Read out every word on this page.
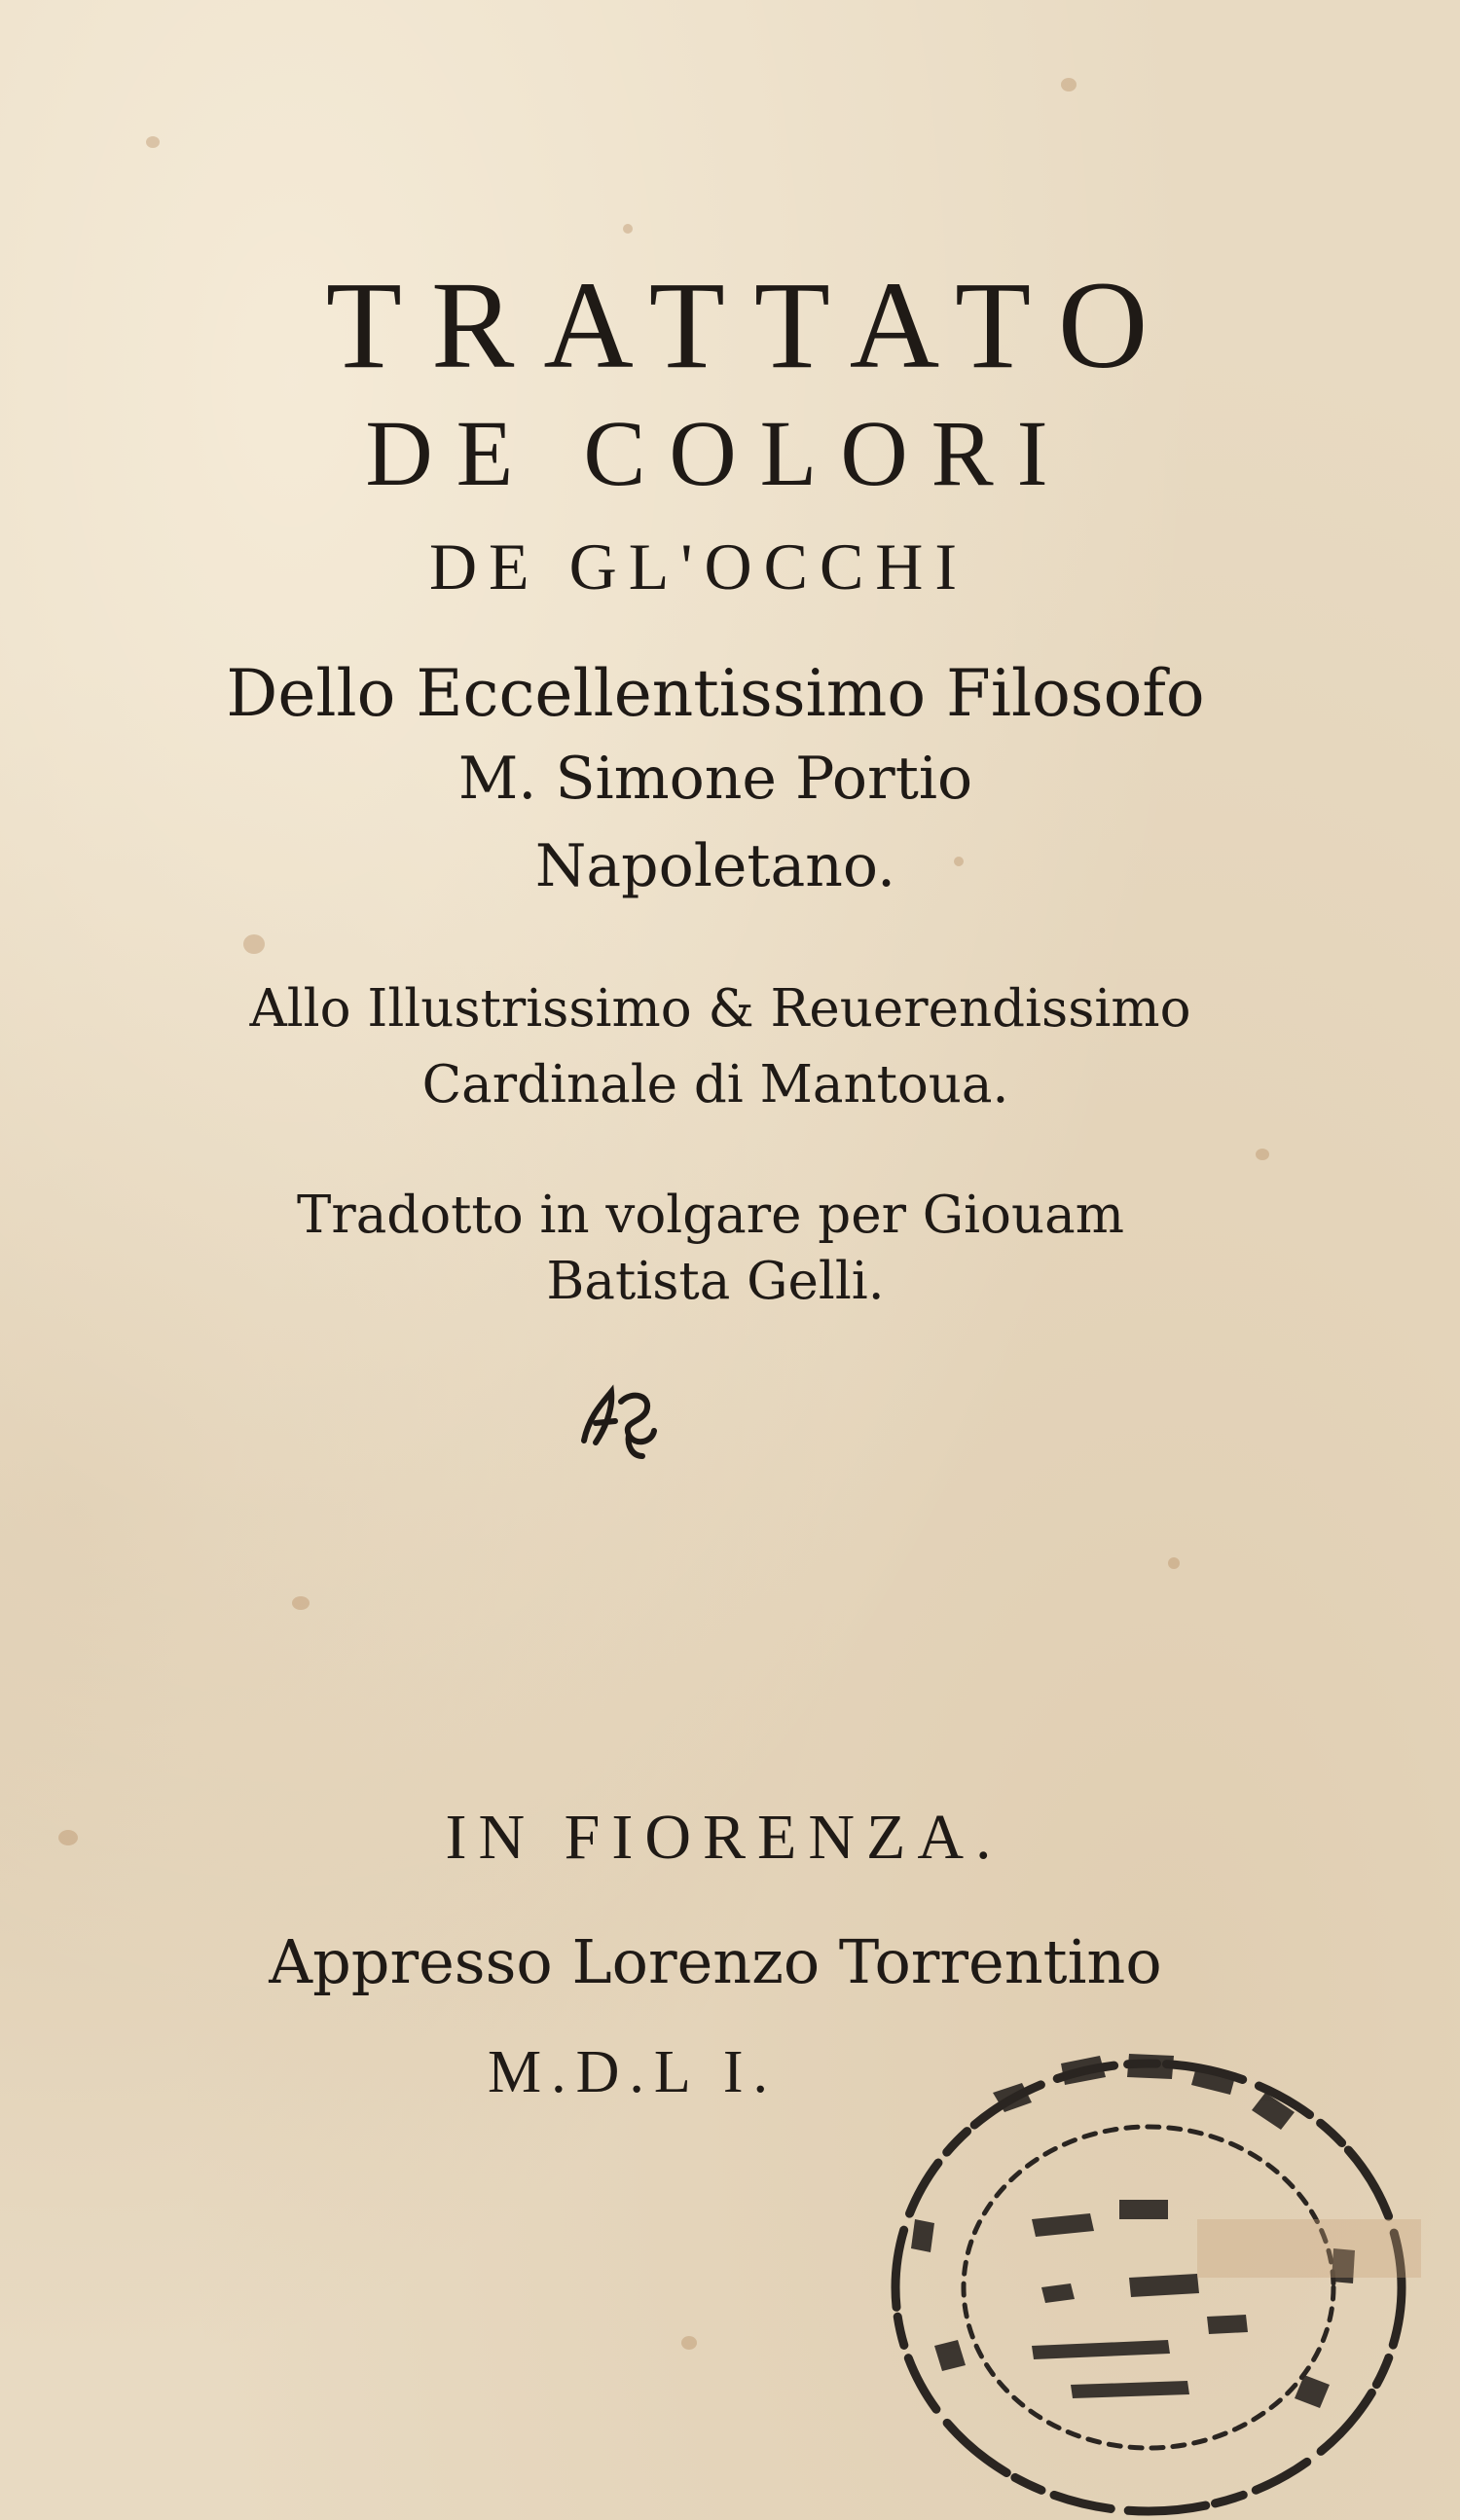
TRATTATO
DE COLORI
DE GL'OCCHI
Dello Eccellentissimo Filosofo
M. Simone Portio
Napoletano.
Allo Illustrissimo & Reuerendissimo
Cardinale di Mantoua.
Tradotto in volgare per Giouam
Batista Gelli.
IN FIORENZA.
Appresso Lorenzo Torrentino
M.D.L I.
